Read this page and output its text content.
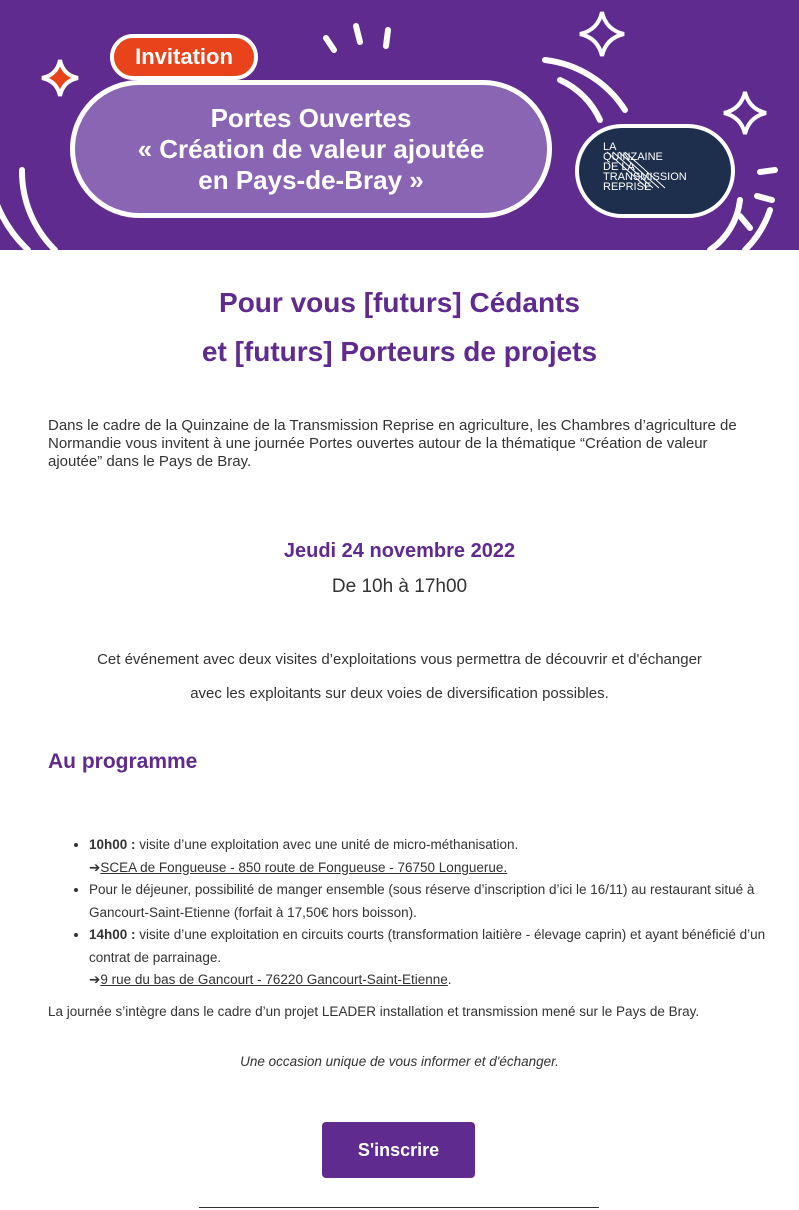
Invitation
Portes Ouvertes
« Création de valeur ajoutée
en Pays-de-Bray »
LA
QUINZAINE
DE LA
TRANSMISSION
REPRISE
Pour vous [futurs] Cédants
et [futurs] Porteurs de projets
Dans le cadre de la Quinzaine de la Transmission Reprise en agriculture, les Chambres d’agriculture de Normandie vous invitent à une journée Portes ouvertes autour de la thématique “Création de valeur ajoutée” dans le Pays de Bray.
Jeudi 24 novembre 2022
De 10h à 17h00
Cet événement avec deux visites d’exploitations vous permettra de découvrir et d'échanger
avec les exploitants sur deux voies de diversification possibles.
Au programme
• 10h00 : visite d’une exploitation avec une unité de micro-méthanisation.
➔SCEA de Fongueuse - 850 route de Fongueuse - 76750 Longuerue.
• Pour le déjeuner, possibilité de manger ensemble (sous réserve d’inscription d’ici le 16/11) au restaurant situé à Gancourt-Saint-Etienne (forfait à 17,50€ hors boisson).
• 14h00 : visite d’une exploitation en circuits courts (transformation laitière - élevage caprin) et ayant bénéficié d’un contrat de parrainage.
➔9 rue du bas de Gancourt - 76220 Gancourt-Saint-Etienne.
La journée s’intègre dans le cadre d’un projet LEADER installation et transmission mené sur le Pays de Bray.
Une occasion unique de vous informer et d'échanger.
S'inscrire
